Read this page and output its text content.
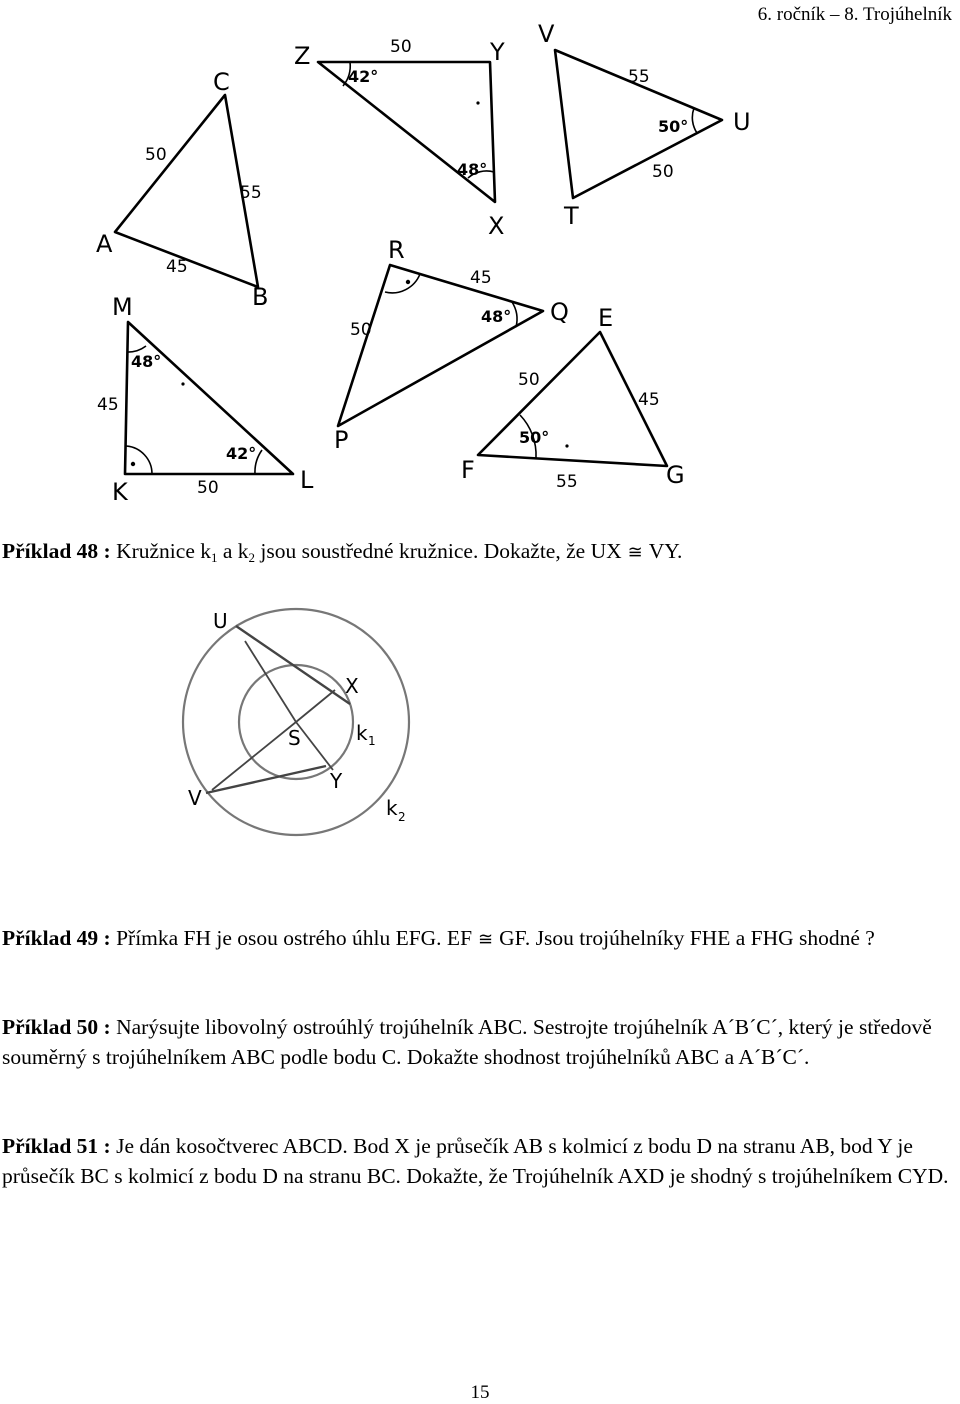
6. ročník – 8. Trojúhelník
C
A
B
50
55
45
Z	Y
X
50
42°
48°
V
U
T
55
50
50°
M
K	L
45
50
48°
42°
R
Q
P
45
50
48°	E
F	G
50
45
55
50°
Příklad 48 : Kružnice k1 a k2 jsou soustředné kružnice. Dokažte, že UX ≅ VY.
U
X
S	k 1
Y
V	k 2
Příklad 49 : Přímka FH je osou ostrého úhlu EFG. EF ≅ GF. Jsou trojúhelníky FHE a FHG shodné ?
Příklad 50 : Narýsujte libovolný ostroúhlý trojúhelník ABC. Sestrojte trojúhelník A´B´C´, který je středově souměrný s trojúhelníkem ABC podle bodu C. Dokažte shodnost trojúhelníků ABC a A´B´C´.
Příklad 51 : Je dán kosočtverec ABCD. Bod X je průsečík AB s kolmicí z bodu D na stranu AB, bod Y je průsečík BC s kolmicí z bodu D na stranu BC. Dokažte, že Trojúhelník AXD je shodný s trojúhelníkem CYD.
15
